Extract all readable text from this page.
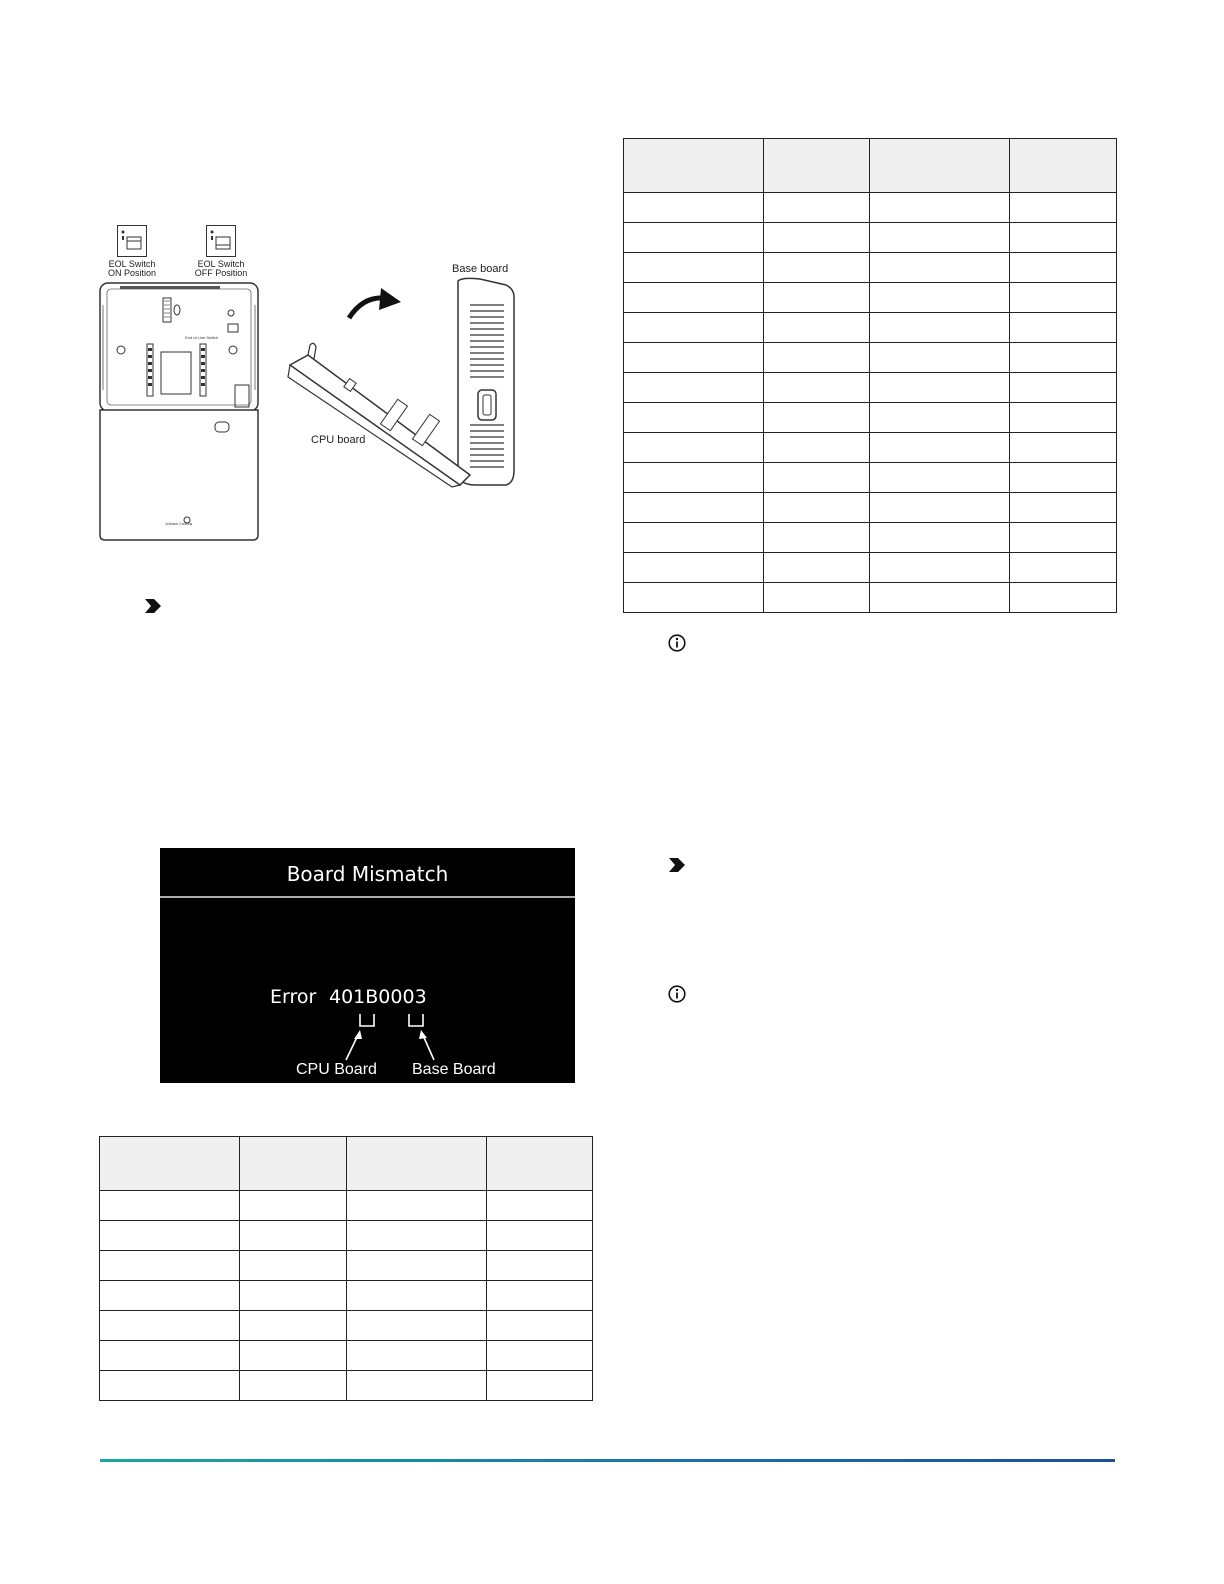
EOL Switch
ON Position
EOL Switch
OFF Position
End of Line Switch
Johnson Controls
Base board
CPU board
Board Mismatch
Error 401B0003
CPU Board Base Board
